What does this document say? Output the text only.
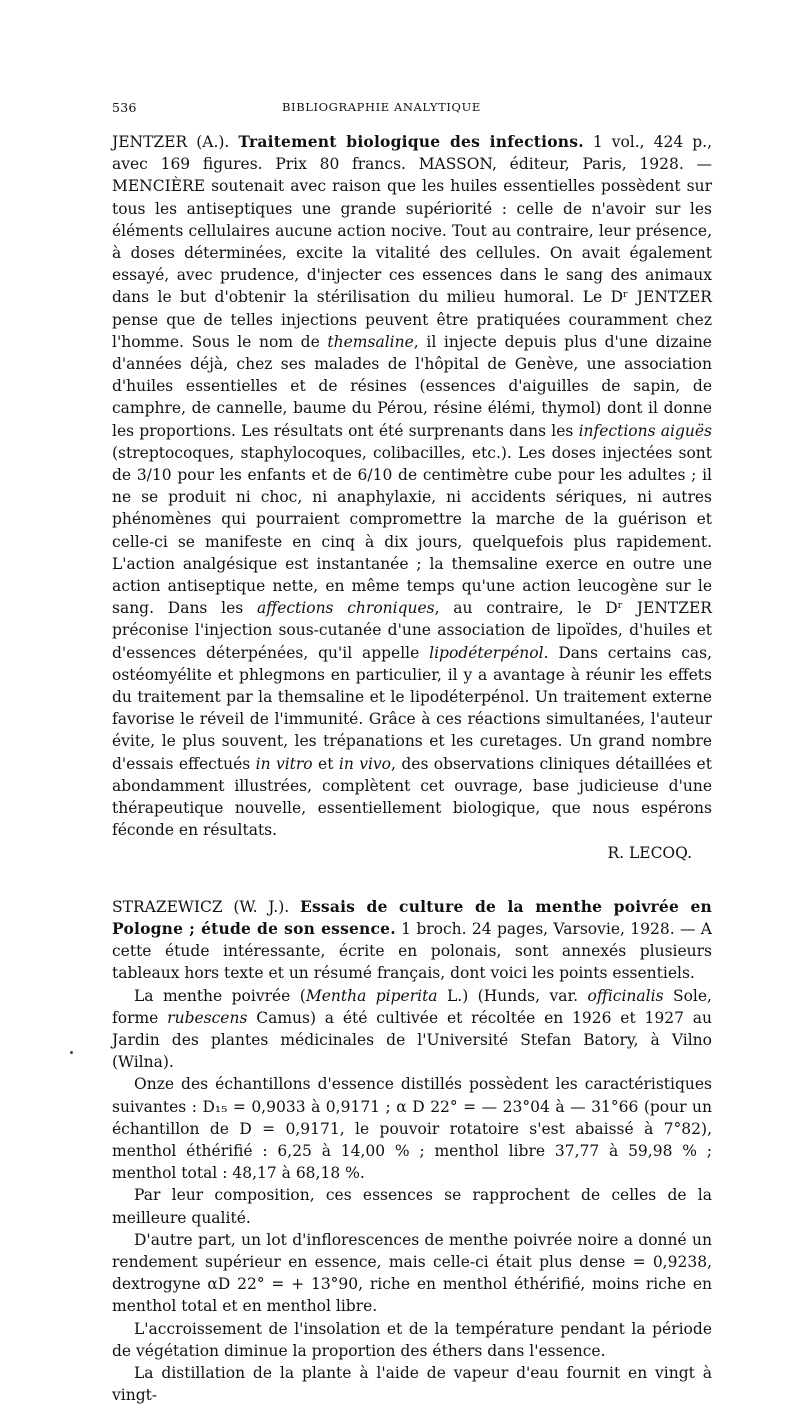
536	BIBLIOGRAPHIE ANALYTIQUE

JENTZER (A.). Traitement biologique des infections. 1 vol., 424 p., avec 169 figures. Prix 80 francs. MASSON, éditeur, Paris, 1928. — MENCIÈRE soutenait avec raison que les huiles essentielles possèdent sur tous les antiseptiques une grande supériorité : celle de n'avoir sur les éléments cellulaires aucune action nocive. Tout au contraire, leur présence, à doses déterminées, excite la vitalité des cellules. On avait également essayé, avec prudence, d'injecter ces essences dans le sang des animaux dans le but d'obtenir la stérilisation du milieu humoral. Le Dʳ JENTZER pense que de telles injections peuvent être pratiquées couramment chez l'homme. Sous le nom de themsaline, il injecte depuis plus d'une dizaine d'années déjà, chez ses malades de l'hôpital de Genève, une association d'huiles essentielles et de résines (essences d'aiguilles de sapin, de camphre, de cannelle, baume du Pérou, résine élémi, thymol) dont il donne les proportions. Les résultats ont été surprenants dans les infections aiguës (streptocoques, staphylocoques, colibacilles, etc.). Les doses injectées sont de 3/10 pour les enfants et de 6/10 de centimètre cube pour les adultes ; il ne se produit ni choc, ni anaphylaxie, ni accidents sériques, ni autres phénomènes qui pourraient compromettre la marche de la guérison et celle-ci se manifeste en cinq à dix jours, quelquefois plus rapidement. L'action analgésique est instantanée ; la themsaline exerce en outre une action antiseptique nette, en même temps qu'une action leucogène sur le sang. Dans les affections chroniques, au contraire, le Dʳ JENTZER préconise l'injection sous-cutanée d'une association de lipoïdes, d'huiles et d'essences déterpénées, qu'il appelle lipodéterpénol. Dans certains cas, ostéomyélite et phlegmons en particulier, il y a avantage à réunir les effets du traitement par la themsaline et le lipodéterpénol. Un traitement externe favorise le réveil de l'immunité. Grâce à ces réactions simultanées, l'auteur évite, le plus souvent, les trépanations et les curetages. Un grand nombre d'essais effectués in vitro et in vivo, des observations cliniques détaillées et abondamment illustrées, complètent cet ouvrage, base judicieuse d'une thérapeutique nouvelle, essentiellement biologique, que nous espérons féconde en résultats.

R. LECOQ.

STRAZEWICZ (W. J.). Essais de culture de la menthe poivrée en Pologne ; étude de son essence. 1 broch. 24 pages, Varsovie, 1928. — A cette étude intéressante, écrite en polonais, sont annexés plusieurs tableaux hors texte et un résumé français, dont voici les points essentiels.

La menthe poivrée (Mentha piperita L.) (Hunds, var. officinalis Sole, forme rubescens Camus) a été cultivée et récoltée en 1926 et 1927 au Jardin des plantes médicinales de l'Université Stefan Batory, à Vilno (Wilna).

Onze des échantillons d'essence distillés possèdent les caractéristiques suivantes : D₁₅ = 0,9033 à 0,9171 ; α D 22° = — 23°04 à — 31°66 (pour un échantillon de D = 0,9171, le pouvoir rotatoire s'est abaissé à 7°82), menthol éthérifié : 6,25 à 14,00 % ; menthol libre 37,77 à 59,98 % ; menthol total : 48,17 à 68,18 %.

Par leur composition, ces essences se rapprochent de celles de la meilleure qualité.

D'autre part, un lot d'inflorescences de menthe poivrée noire a donné un rendement supérieur en essence, mais celle-ci était plus dense = 0,9238, dextrogyne αD 22° = + 13°90, riche en menthol éthérifié, moins riche en menthol total et en menthol libre.

L'accroissement de l'insolation et de la température pendant la période de végétation diminue la proportion des éthers dans l'essence.

La distillation de la plante à l'aide de vapeur d'eau fournit en vingt à vingt-
